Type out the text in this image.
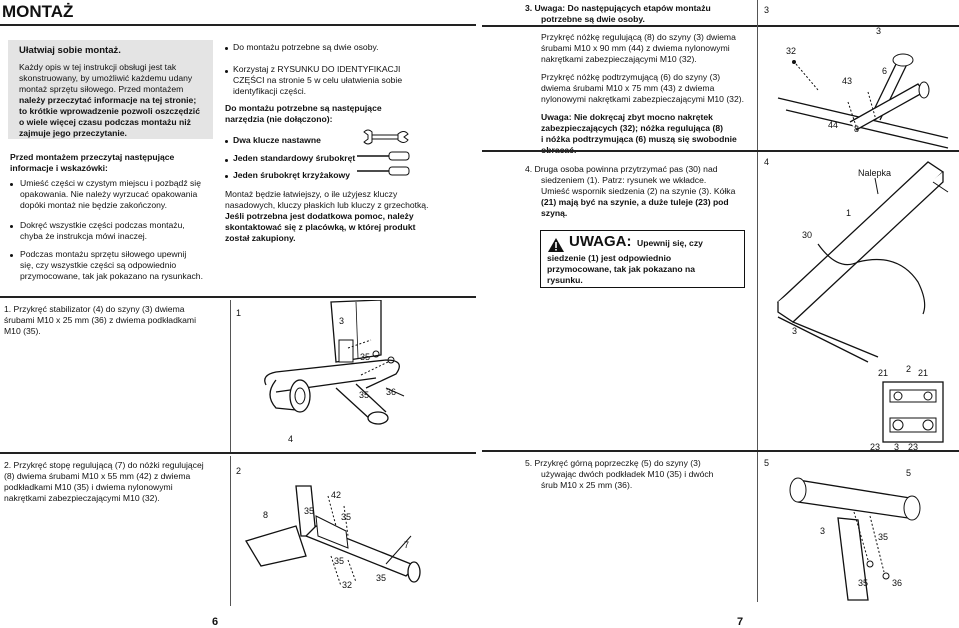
MONTAŻ
Ułatwiaj sobie montaż.
Każdy opis w tej instrukcji obsługi jest tak
skonstruowany, by umożliwić każdemu udany
montaż sprzętu siłowego. Przed montażem
należy przeczytać informacje na tej stronie;
to krótkie wprowadzenie pozwoli oszczędzić
o wiele więcej czasu podczas montażu niż
zajmuje jego przeczytanie.
Przed montażem przeczytaj następujące
informacje i wskazówki:
Umieść części w czystym miejscu i pozbądź się
opakowania. Nie należy wyrzucać opakowania
dopóki montaż nie będzie zakończony.
Dokręć wszystkie części podczas montażu,
chyba że instrukcja mówi inaczej.
Podczas montażu sprzętu siłowego upewnij
się, czy wszystkie części są odpowiednio
przymocowane, tak jak pokazano na rysunkach.
Do montażu potrzebne są dwie osoby.
Korzystaj z RYSUNKU DO IDENTYFIKACJI
CZĘŚCI na stronie 5 w celu ułatwienia sobie
identyfikacji części.
Do montażu potrzebne są następujące
narzędzia (nie dołączono):
Dwa klucze nastawne
Jeden standardowy śrubokręt
Jeden śrubokręt krzyżakowy
Montaż będzie łatwiejszy, o ile użyjesz kluczy
nasadowych, kluczy płaskich lub kluczy z grzechotką.
Jeśli potrzebna jest dodatkowa pomoc, należy
skontaktować się z placówką, w której produkt
został zakupiony.
1. Przykręć stabilizator (4) do szyny (3) dwiema
śrubami M10 x 25 mm (36) z dwiema podkładkami
M10 (35).
1
3
35
35 36
4
2. Przykręć stopę regulującą (7) do nóżki regulującej
(8) dwiema śrubami M10 x 55 mm (42) z dwiema
podkładkami M10 (35) i dwiema nylonowymi
nakrętkami zabezpieczającymi M10 (32).
2
42
8	35
35
7
35
32
35
6
3. Uwaga: Do następujących etapów montażu
potrzebne są dwie osoby.
Przykręć nóżkę regulującą (8) do szyny (3) dwiema
śrubami M10 x 90 mm (44) z dwiema nylonowymi
nakrętkami zabezpieczającymi M10 (32).
Przykręć nóżkę podtrzymującą (6) do szyny (3)
dwiema śrubami M10 x 75 mm (43) z dwiema
nylonowymi nakrętkami zabezpieczającymi M10 (32).
Uwaga: Nie dokręcaj zbyt mocno nakrętek
zabezpieczających (32); nóżka regulująca (8)
i nóżka podtrzymująca (6) muszą się swobodnie
3
3
32
6
43
44 8
4. Druga osoba powinna przytrzymać pas (30) nad
siedzeniem (1). Patrz: rysunek we wkładce.
Umieść wspornik siedzenia (2) na szynie (3). Kółka
(21) mają być na szynie, a duże tuleje (23) pod
szyną.
UWAGA: Upewnij się, czy
siedzenie (1) jest odpowiednio
przymocowane, tak jak pokazano na
rysunku.
4
Nalepka
1
30
3
21 2 21
23 3 23
5. Przykręć górną poprzeczkę (5) do szyny (3)
używając dwóch podkładek M10 (35) i dwóch
śrub M10 x 25 mm (36).
5
5
3
35
35	36
7
